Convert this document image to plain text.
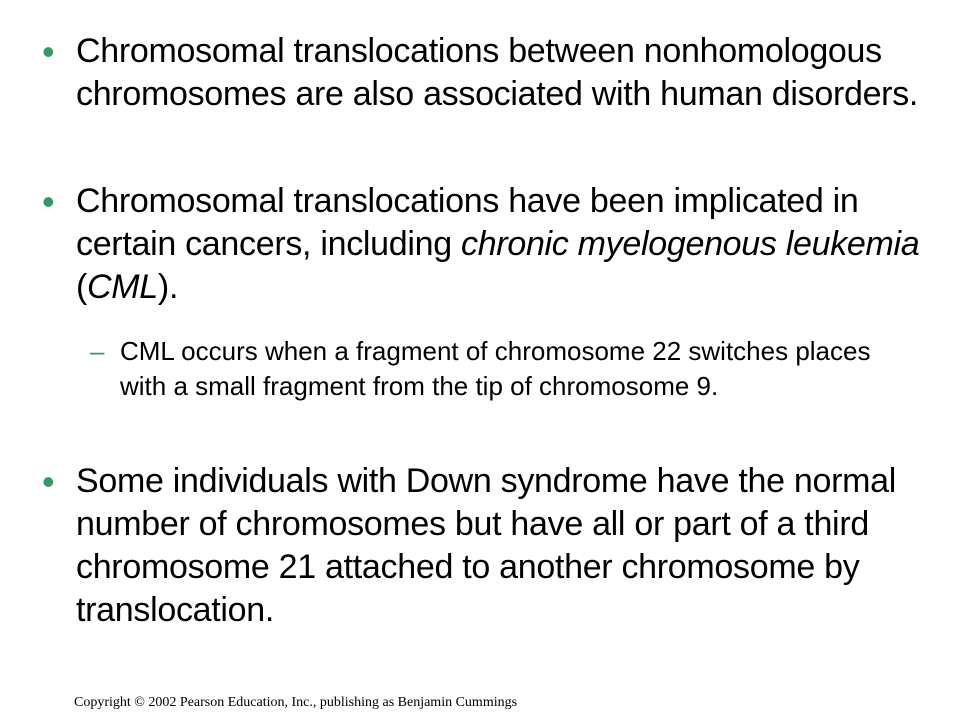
• Chromosomal translocations between nonhomologous chromosomes are also associated with human disorders.
• Chromosomal translocations have been implicated in certain cancers, including chronic myelogenous leukemia (CML).
– CML occurs when a fragment of chromosome 22 switches places with a small fragment from the tip of chromosome 9.
• Some individuals with Down syndrome have the normal number of chromosomes but have all or part of a third chromosome 21 attached to another chromosome by translocation.
Copyright © 2002 Pearson Education, Inc., publishing as Benjamin Cummings
